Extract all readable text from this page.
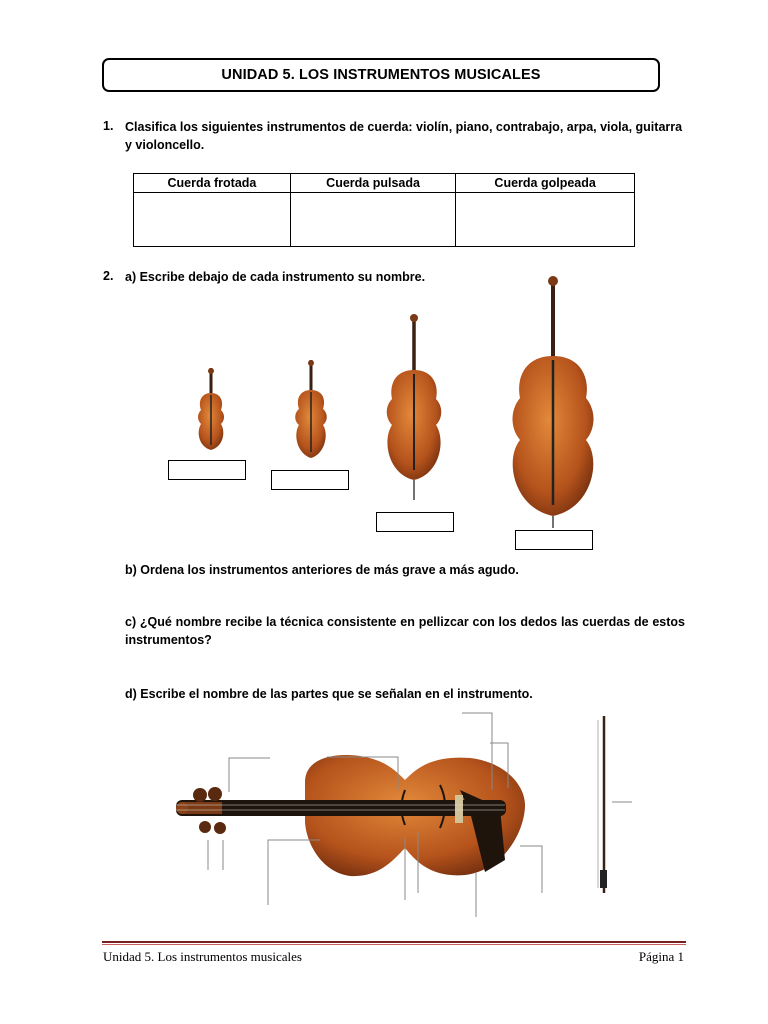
UNIDAD 5. LOS INSTRUMENTOS MUSICALES
1. Clasifica los siguientes instrumentos de cuerda: violín, piano, contrabajo, arpa, viola, guitarra y violoncello.
Cuerda frotada	Cuerda pulsada	Cuerda golpeada

2. a) Escribe debajo de cada instrumento su nombre.
b) Ordena los instrumentos anteriores de más grave a más agudo.
c) ¿Qué nombre recibe la técnica consistente en pellizcar con los dedos las cuerdas de estos instrumentos?
d) Escribe el nombre de las partes que se señalan en el instrumento.
Unidad 5. Los instrumentos musicales	Página 1
